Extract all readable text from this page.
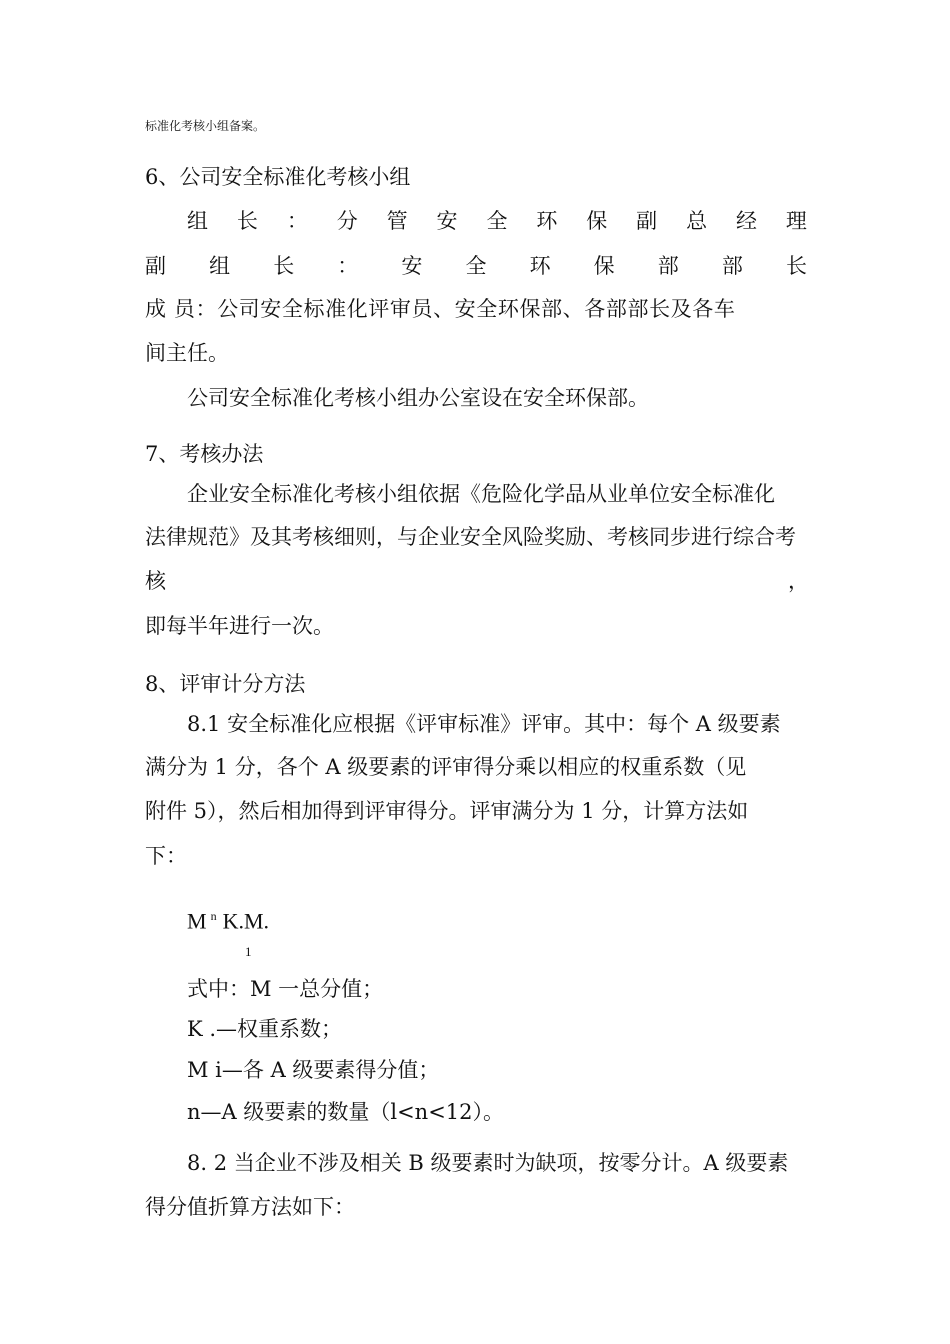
标准化考核小组备案。
6、公司安全标准化考核小组
组 长 ： 分 管 安 全 环 保 副 总 经 理
副 组 长 ： 安 全 环 保 部 部 长
成 员：公司安全标准化评审员、安全环保部、各部部长及各车
间主任。
公司安全标准化考核小组办公室设在安全环保部。
7、考核办法
企业安全标准化考核小组依据《危险化学品从业单位安全标准化
法律规范》及其考核细则，与企业安全风险奖励、考核同步进行综合考
核	，
即每半年进行一次。
8、评审计分方法
8.1 安全标准化应根据《评审标准》评审。其中：每个 A 级要素
满分为 1 分，各个 A 级要素的评审得分乘以相应的权重系数（见
附件 5），然后相加得到评审得分。评审满分为 1 分，计算方法如
下：
M $^n$ K.M.
1
式中：M 一总分值；
K .—权重系数；
M i—各 A 级要素得分值；
n—A 级要素的数量（l<n<12）。
8. 2 当企业不涉及相关 B 级要素时为缺项，按零分计。A 级要素
得分值折算方法如下：
